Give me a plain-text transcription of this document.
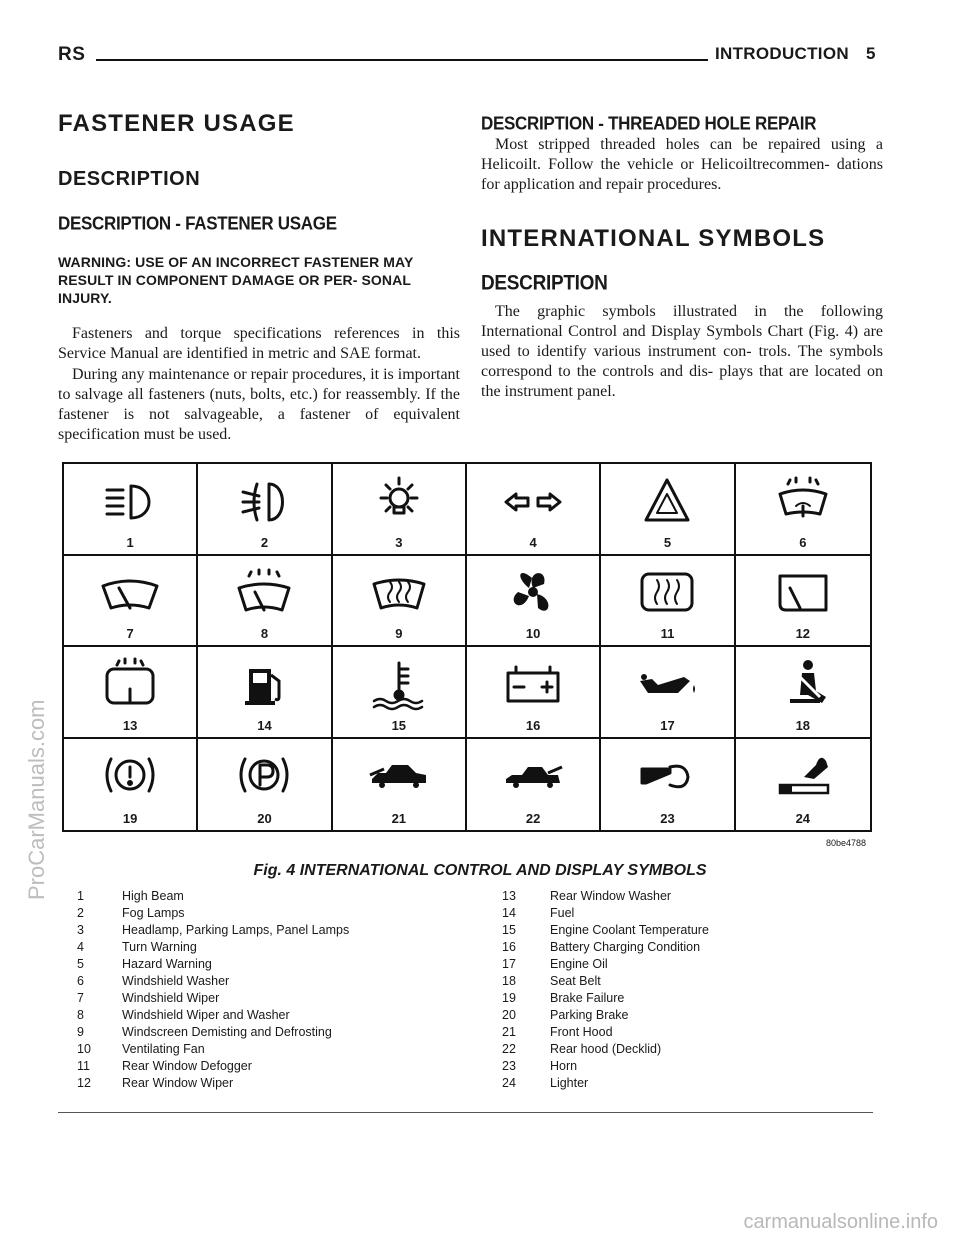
RS	INTRODUCTION 5
FASTENER USAGE
DESCRIPTION
DESCRIPTION - FASTENER USAGE
WARNING: USE OF AN INCORRECT FASTENER MAY RESULT IN COMPONENT DAMAGE OR PER- SONAL INJURY.
Fasteners and torque specifications references in this Service Manual are identified in metric and SAE format.
During any maintenance or repair procedures, it is important to salvage all fasteners (nuts, bolts, etc.) for reassembly. If the fastener is not salvageable, a fastener of equivalent specification must be used.
DESCRIPTION - THREADED HOLE REPAIR
Most stripped threaded holes can be repaired using a Helicoilt. Follow the vehicle or Helicoiltrecommen- dations for application and repair procedures.
INTERNATIONAL SYMBOLS
DESCRIPTION
The graphic symbols illustrated in the following International Control and Display Symbols Chart (Fig. 4) are used to identify various instrument con- trols. The symbols correspond to the controls and dis- plays that are located on the instrument panel.
1	2	3	4	5	6
7	8	9	10	11	12
13	14	15	16	17	18
19	20	21	22	23	24
80be4788
Fig. 4 INTERNATIONAL CONTROL AND DISPLAY SYMBOLS
1	High Beam
2	Fog Lamps
3	Headlamp, Parking Lamps, Panel Lamps
4	Turn Warning
5	Hazard Warning
6	Windshield Washer
7	Windshield Wiper
8	Windshield Wiper and Washer
9	Windscreen Demisting and Defrosting
10 Ventilating Fan
11	Rear Window Defogger
12 Rear Window Wiper
13	Rear Window Washer
14	Fuel
15	Engine Coolant Temperature
16	Battery Charging Condition
17	Engine Oil
18	Seat Belt
19	Brake Failure
20	Parking Brake
21	Front Hood
22	Rear hood (Decklid)
23	Horn
24	Lighter
ProCarManuals.com
carmanualsonline.info
